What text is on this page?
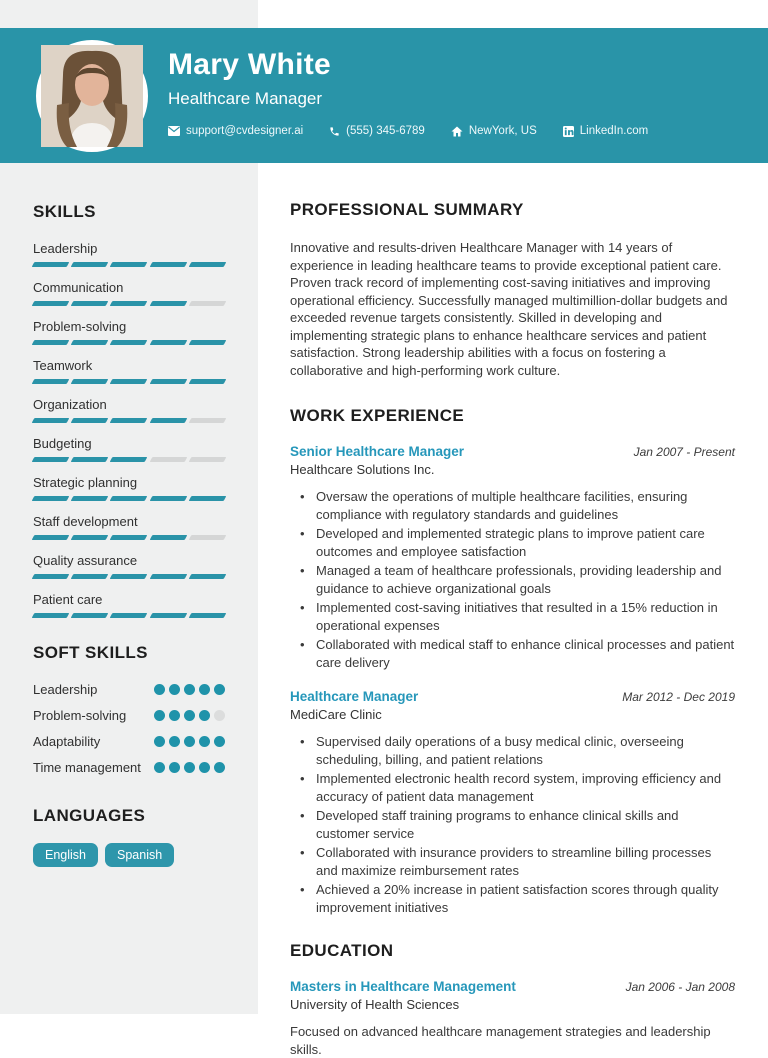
Mary White
Healthcare Manager
support@cvdesigner.ai	(555) 345-6789	NewYork, US	LinkedIn.com
SKILLS
Leadership
Communication
Problem-solving
Teamwork
Organization
Budgeting
Strategic planning
Staff development
Quality assurance
Patient care
SOFT SKILLS
Leadership
Problem-solving
Adaptability
Time management
LANGUAGES
English	Spanish
PROFESSIONAL SUMMARY

Innovative and results-driven Healthcare Manager with 14 years of experience in leading healthcare teams to provide exceptional patient care. Proven track record of implementing cost-saving initiatives and improving operational efficiency. Successfully managed multimillion-dollar budgets and exceeded revenue targets consistently. Skilled in developing and implementing strategic plans to enhance healthcare services and patient satisfaction. Strong leadership abilities with a focus on fostering a collaborative and high-performing work culture.

WORK EXPERIENCE
Senior Healthcare Manager	Jan 2007 - Present
Healthcare Solutions Inc.
• Oversaw the operations of multiple healthcare facilities, ensuring compliance with regulatory standards and guidelines
• Developed and implemented strategic plans to improve patient care outcomes and employee satisfaction
• Managed a team of healthcare professionals, providing leadership and guidance to achieve organizational goals
• Implemented cost-saving initiatives that resulted in a 15% reduction in operational expenses
• Collaborated with medical staff to enhance clinical processes and patient care delivery
Healthcare Manager	Mar 2012 - Dec 2019
MediCare Clinic
• Supervised daily operations of a busy medical clinic, overseeing scheduling, billing, and patient relations
• Implemented electronic health record system, improving efficiency and accuracy of patient data management
• Developed staff training programs to enhance clinical skills and customer service
• Collaborated with insurance providers to streamline billing processes and maximize reimbursement rates
• Achieved a 20% increase in patient satisfaction scores through quality improvement initiatives
EDUCATION
Masters in Healthcare Management	Jan 2006 - Jan 2008
University of Health Sciences

Focused on advanced healthcare management strategies and leadership skills.
